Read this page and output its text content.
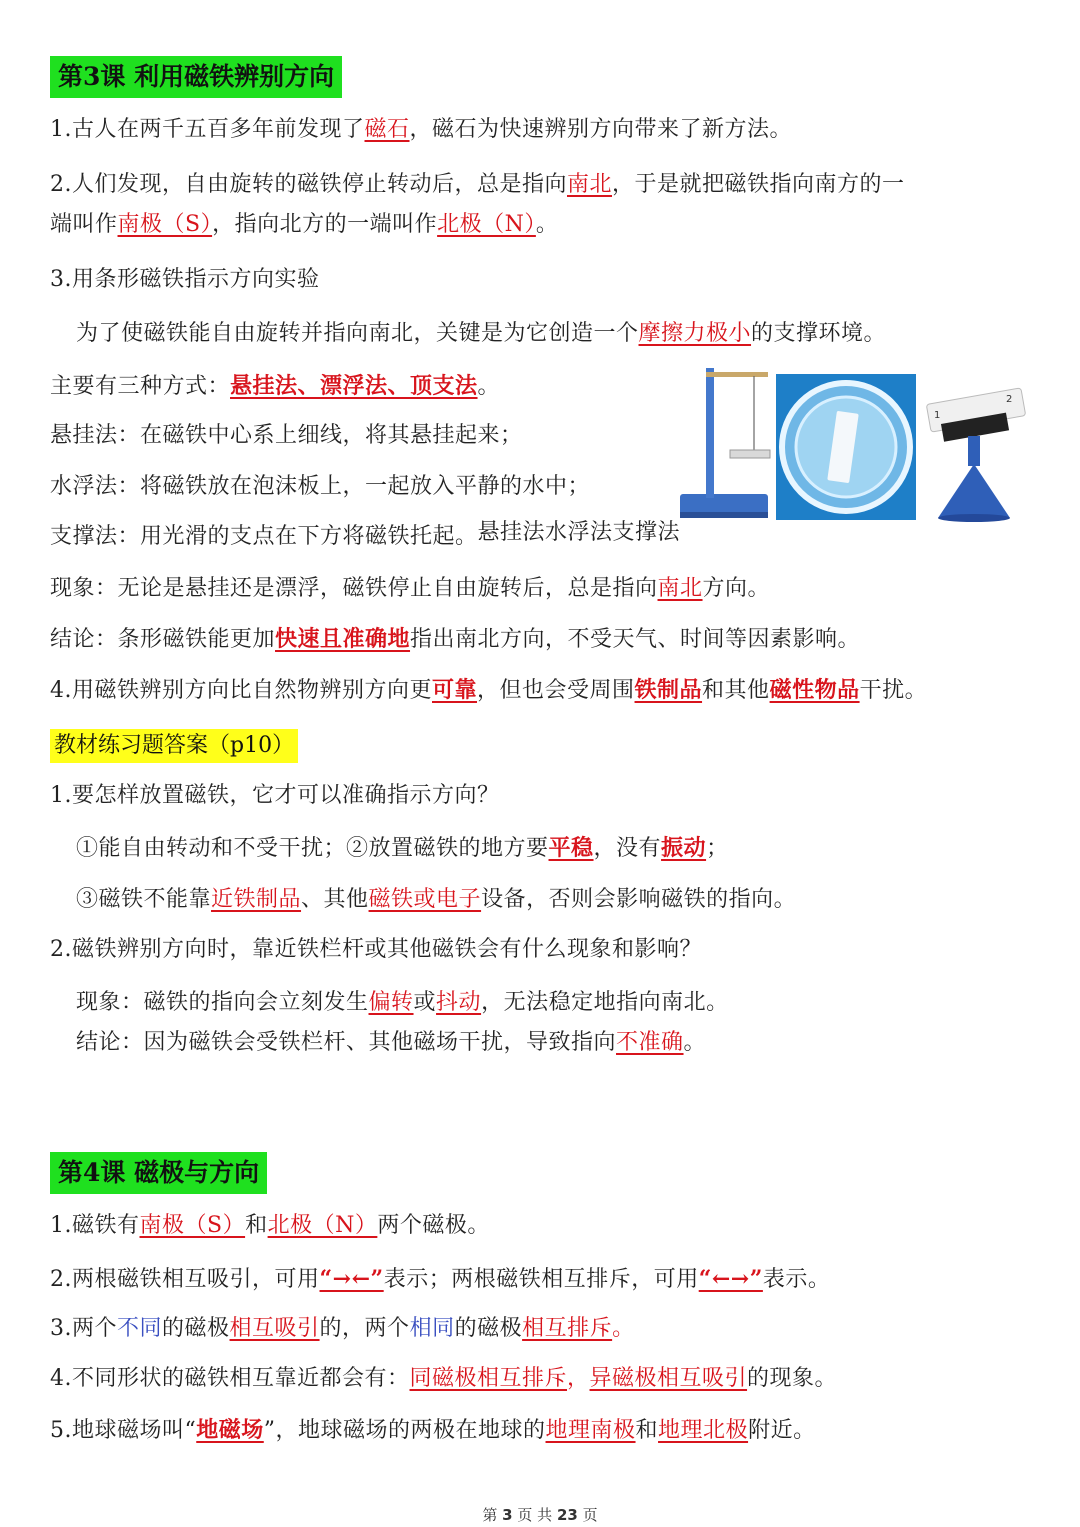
第3课 利用磁铁辨别方向
1.古人在两千五百多年前发现了磁石，磁石为快速辨别方向带来了新方法。
2.人们发现，自由旋转的磁铁停止转动后，总是指向南北，于是就把磁铁指向南方的一
端叫作南极（S），指向北方的一端叫作北极（N）。
3.用条形磁铁指示方向实验
为了使磁铁能自由旋转并指向南北，关键是为它创造一个摩擦力极小的支撑环境。
主要有三种方式：悬挂法、漂浮法、顶支法。
悬挂法：在磁铁中心系上细线，将其悬挂起来；
水浮法：将磁铁放在泡沫板上，一起放入平静的水中；
支撑法：用光滑的支点在下方将磁铁托起。悬挂法水浮法支撑法
1
2
现象：无论是悬挂还是漂浮，磁铁停止自由旋转后，总是指向南北方向。
结论：条形磁铁能更加快速且准确地指出南北方向，不受天气、时间等因素影响。
4.用磁铁辨别方向比自然物辨别方向更可靠，但也会受周围铁制品和其他磁性物品干扰。
教材练习题答案（p10）
1.要怎样放置磁铁，它才可以准确指示方向？
①能自由转动和不受干扰；②放置磁铁的地方要平稳，没有振动；
③磁铁不能靠近铁制品、其他磁铁或电子设备，否则会影响磁铁的指向。
2.磁铁辨别方向时，靠近铁栏杆或其他磁铁会有什么现象和影响？
现象：磁铁的指向会立刻发生偏转或抖动，无法稳定地指向南北。
结论：因为磁铁会受铁栏杆、其他磁场干扰，导致指向不准确。
第4课 磁极与方向
1.磁铁有南极（S）和北极（N）两个磁极。
2.两根磁铁相互吸引，可用“→←”表示；两根磁铁相互排斥，可用“←→”表示。
3.两个不同的磁极相互吸引的，两个相同的磁极相互排斥。
4.不同形状的磁铁相互靠近都会有：同磁极相互排斥，异磁极相互吸引的现象。
5.地球磁场叫“地磁场”，地球磁场的两极在地球的地理南极和地理北极附近。
第 3 页 共 23 页
